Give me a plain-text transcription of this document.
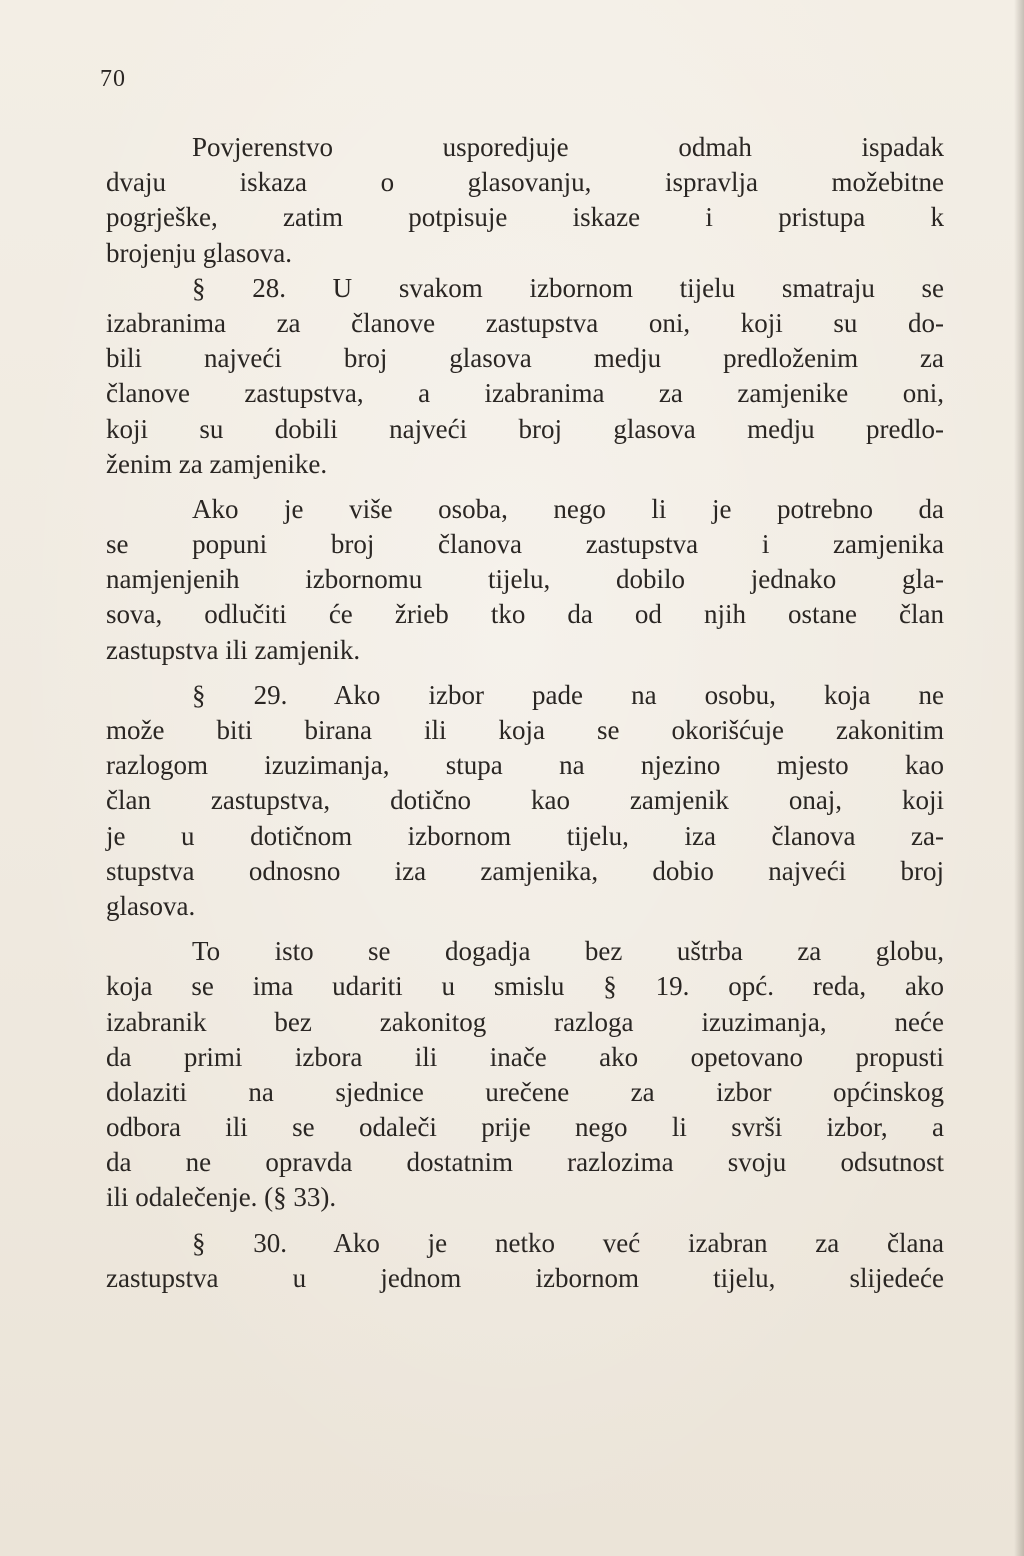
70
Povjerenstvo usporedjuje odmah ispadak
dvaju iskaza o glasovanju, ispravlja možebitne
pogrješke, zatim potpisuje iskaze i pristupa k
brojenju glasova.
§ 28. U svakom izbornom tijelu smatraju se
izabranima za članove zastupstva oni, koji su do-
bili najveći broj glasova medju predloženim za
članove zastupstva, a izabranima za zamjenike oni,
koji su dobili najveći broj glasova medju predlo-
ženim za zamjenike.
Ako je više osoba, nego li je potrebno da
se popuni broj članova zastupstva i zamjenika
namjenjenih izbornomu tijelu, dobilo jednako gla-
sova, odlučiti će žrieb tko da od njih ostane član
zastupstva ili zamjenik.
§ 29. Ako izbor pade na osobu, koja ne
može biti birana ili koja se okorišćuje zakonitim
razlogom izuzimanja, stupa na njezino mjesto kao
član zastupstva, dotično kao zamjenik onaj, koji
je u dotičnom izbornom tijelu, iza članova za-
stupstva odnosno iza zamjenika, dobio najveći broj
glasova.
To isto se dogadja bez uštrba za globu,
koja se ima udariti u smislu § 19. opć. reda, ako
izabranik bez zakonitog razloga izuzimanja, neće
da primi izbora ili inače ako opetovano propusti
dolaziti na sjednice urečene za izbor općinskog
odbora ili se odaleči prije nego li svrši izbor, a
da ne opravda dostatnim razlozima svoju odsutnost
ili odalečenje. (§ 33).
§ 30. Ako je netko već izabran za člana
zastupstva u jednom izbornom tijelu, slijedeće
